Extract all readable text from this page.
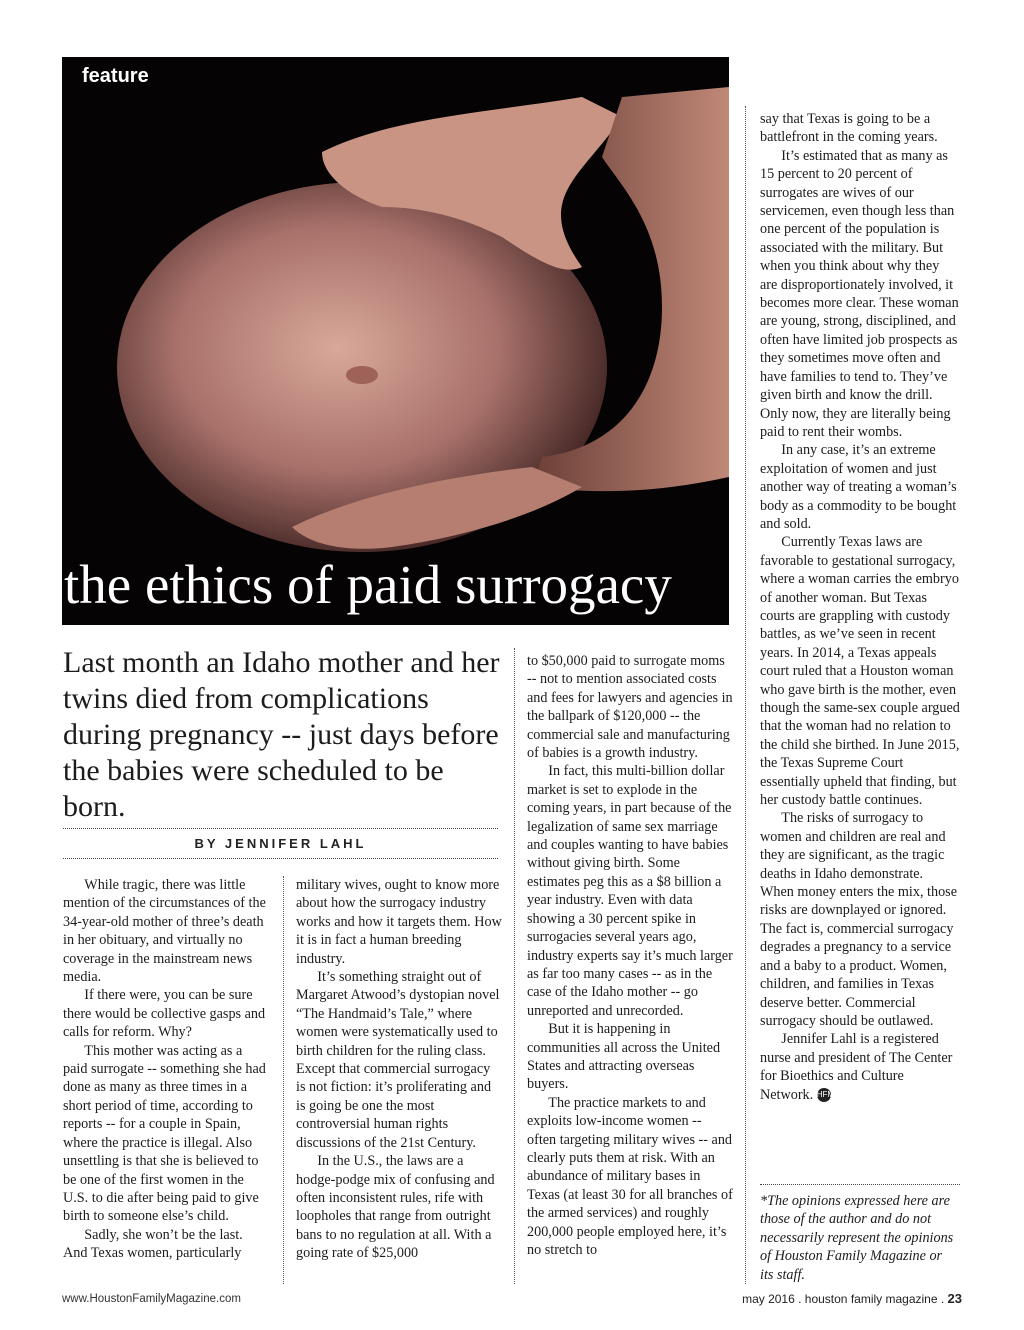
feature
the ethics of paid surrogacy
Last month an Idaho mother and her twins died from complications during pregnancy -- just days before the babies were scheduled to be born.
BY JENNIFER LAHL

While tragic, there was little mention of the circumstances of the 34-year-old mother of three’s death in her obituary, and virtually no coverage in the mainstream news media.

If there were, you can be sure there would be collective gasps and calls for reform. Why?

This mother was acting as a paid surrogate -- something she had done as many as three times in a short period of time, according to reports -- for a couple in Spain, where the practice is illegal. Also unsettling is that she is believed to be one of the first women in the U.S. to die after being paid to give birth to someone else’s child.

Sadly, she won’t be the last. And Texas women, particularly

military wives, ought to know more about how the surrogacy industry works and how it targets them. How it is in fact a human breeding industry.

It’s something straight out of Margaret Atwood’s dystopian novel “The Handmaid’s Tale,” where women were systematically used to birth children for the ruling class. Except that commercial surrogacy is not fiction: it’s proliferating and is going be one the most controversial human rights discussions of the 21st Century.

In the U.S., the laws are a hodge-podge mix of confusing and often inconsistent rules, rife with loopholes that range from outright bans to no regulation at all. With a going rate of $25,000

to $50,000 paid to surrogate moms -- not to mention associated costs and fees for lawyers and agencies in the ballpark of $120,000 -- the commercial sale and manufacturing of babies is a growth industry.

In fact, this multi-billion dollar market is set to explode in the coming years, in part because of the legalization of same sex marriage and couples wanting to have babies without giving birth. Some estimates peg this as a $8 billion a year industry. Even with data showing a 30 percent spike in surrogacies several years ago, industry experts say it’s much larger as far too many cases -- as in the case of the Idaho mother -- go unreported and unrecorded.

But it is happening in communities all across the United States and attracting overseas buyers.

The practice markets to and exploits low-income women -- often targeting military wives -- and clearly puts them at risk. With an abundance of military bases in Texas (at least 30 for all branches of the armed services) and roughly 200,000 people employed here, it’s no stretch to

say that Texas is going to be a battlefront in the coming years.

It’s estimated that as many as 15 percent to 20 percent of surrogates are wives of our servicemen, even though less than one percent of the population is associated with the military. But when you think about why they are disproportionately involved, it becomes more clear. These woman are young, strong, disciplined, and often have limited job prospects as they sometimes move often and have families to tend to. They’ve given birth and know the drill. Only now, they are literally being paid to rent their wombs.

In any case, it’s an extreme exploitation of women and just another way of treating a woman’s body as a commodity to be bought and sold.

Currently Texas laws are favorable to gestational surrogacy, where a woman carries the embryo of another woman. But Texas courts are grappling with custody battles, as we’ve seen in recent years. In 2014, a Texas appeals court ruled that a Houston woman who gave birth is the mother, even though the same-sex couple argued that the woman had no relation to the child she birthed. In June 2015, the Texas Supreme Court essentially upheld that finding, but her custody battle continues.

The risks of surrogacy to women and children are real and they are significant, as the tragic deaths in Idaho demonstrate. When money enters the mix, those risks are downplayed or ignored. The fact is, commercial surrogacy degrades a pregnancy to a service and a baby to a product. Women, children, and families in Texas deserve better. Commercial surrogacy should be outlawed.

Jennifer Lahl is a registered nurse and president of The Center for Bioethics and Culture Network. HFM

*The opinions expressed here are those of the author and do not necessarily represent the opinions of Houston Family Magazine or its staff.
www.HoustonFamilyMagazine.com	may 2016 . houston family magazine . 23
